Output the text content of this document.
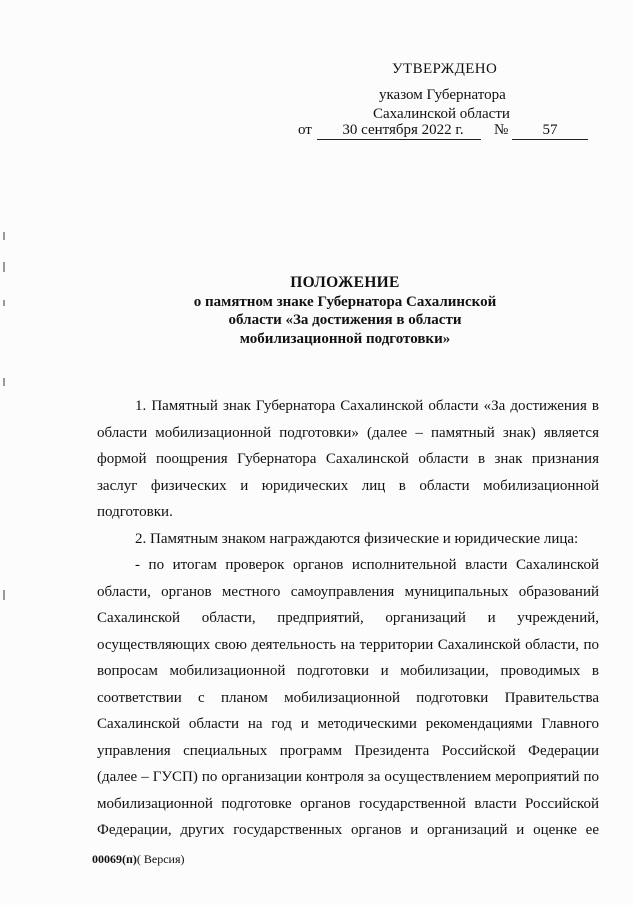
УТВЕРЖДЕНО
указом Губернатора
Сахалинской области
от	30 сентября 2022 г.	№	57
ПОЛОЖЕНИЕ
о памятном знаке Губернатора Сахалинской
области «За достижения в области
мобилизационной подготовки»
1. Памятный знак Губернатора Сахалинской области «За достижения в
области мобилизационной подготовки» (далее – памятный знак) является
формой поощрения Губернатора Сахалинской области в знак признания
заслуг физических и юридических лиц в области мобилизационной
подготовки.
2. Памятным знаком награждаются физические и юридические лица:
- по итогам проверок органов исполнительной власти Сахалинской
области, органов местного самоуправления муниципальных образований
Сахалинской области, предприятий, организаций и учреждений,
осуществляющих свою деятельность на территории Сахалинской области, по
вопросам мобилизационной подготовки и мобилизации, проводимых в
соответствии с планом мобилизационной подготовки Правительства
Сахалинской области на год и методическими рекомендациями Главного
управления специальных программ Президента Российской Федерации
(далее – ГУСП) по организации контроля за осуществлением мероприятий по
мобилизационной подготовке органов государственной власти Российской
Федерации, других государственных органов и организаций и оценке ее
00069(п)( Версия)
